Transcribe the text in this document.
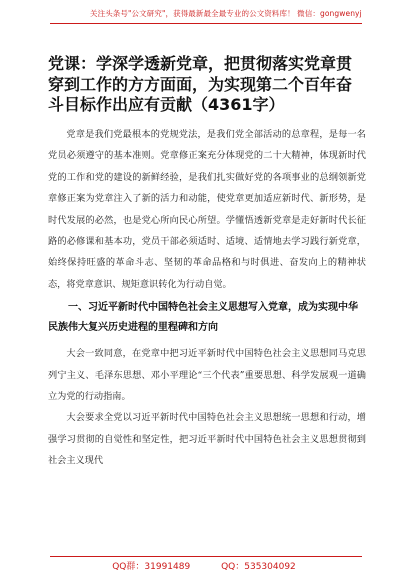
关注头条号"公文研究"，获得最新最全最专业的公文资料库！ 微信：gongwenyj
党课：学深学透新党章，把贯彻落实党章贯穿到工作的方方面面，为实现第二个百年奋斗目标作出应有贡献（4361字）

党章是我们党最根本的党规党法，是我们党全部活动的总章程，是每一名党员必须遵守的基本准则。党章修正案充分体现党的二十大精神，体现新时代党的工作和党的建设的新鲜经验，是我们扎实做好党的各项事业的总纲领新党章修正案为党章注入了新的活力和动能，使党章更加适应新时代、新形势，是时代发展的必然，也是党心所向民心所望。学懂悟透新党章是走好新时代长征路的必修课和基本功，党员干部必须适时、适境、适情地去学习践行新党章，始终保持旺盛的革命斗志、坚韧的革命品格和与时俱进、奋发向上的精神状态，将党章意识、规矩意识转化为行动自觉。

一、习近平新时代中国特色社会主义思想写入党章，成为实现中华民族伟大复兴历史进程的里程碑和方向

大会一致同意，在党章中把习近平新时代中国特色社会主义思想同马克思列宁主义、毛泽东思想、邓小平理论“三个代表”重要思想、科学发展观一道确立为党的行动指南。

大会要求全党以习近平新时代中国特色社会主义思想统一思想和行动，增强学习贯彻的自觉性和坚定性，把习近平新时代中国特色社会主义思想贯彻到社会主义现代

QQ群：31991489	QQ：535304092
